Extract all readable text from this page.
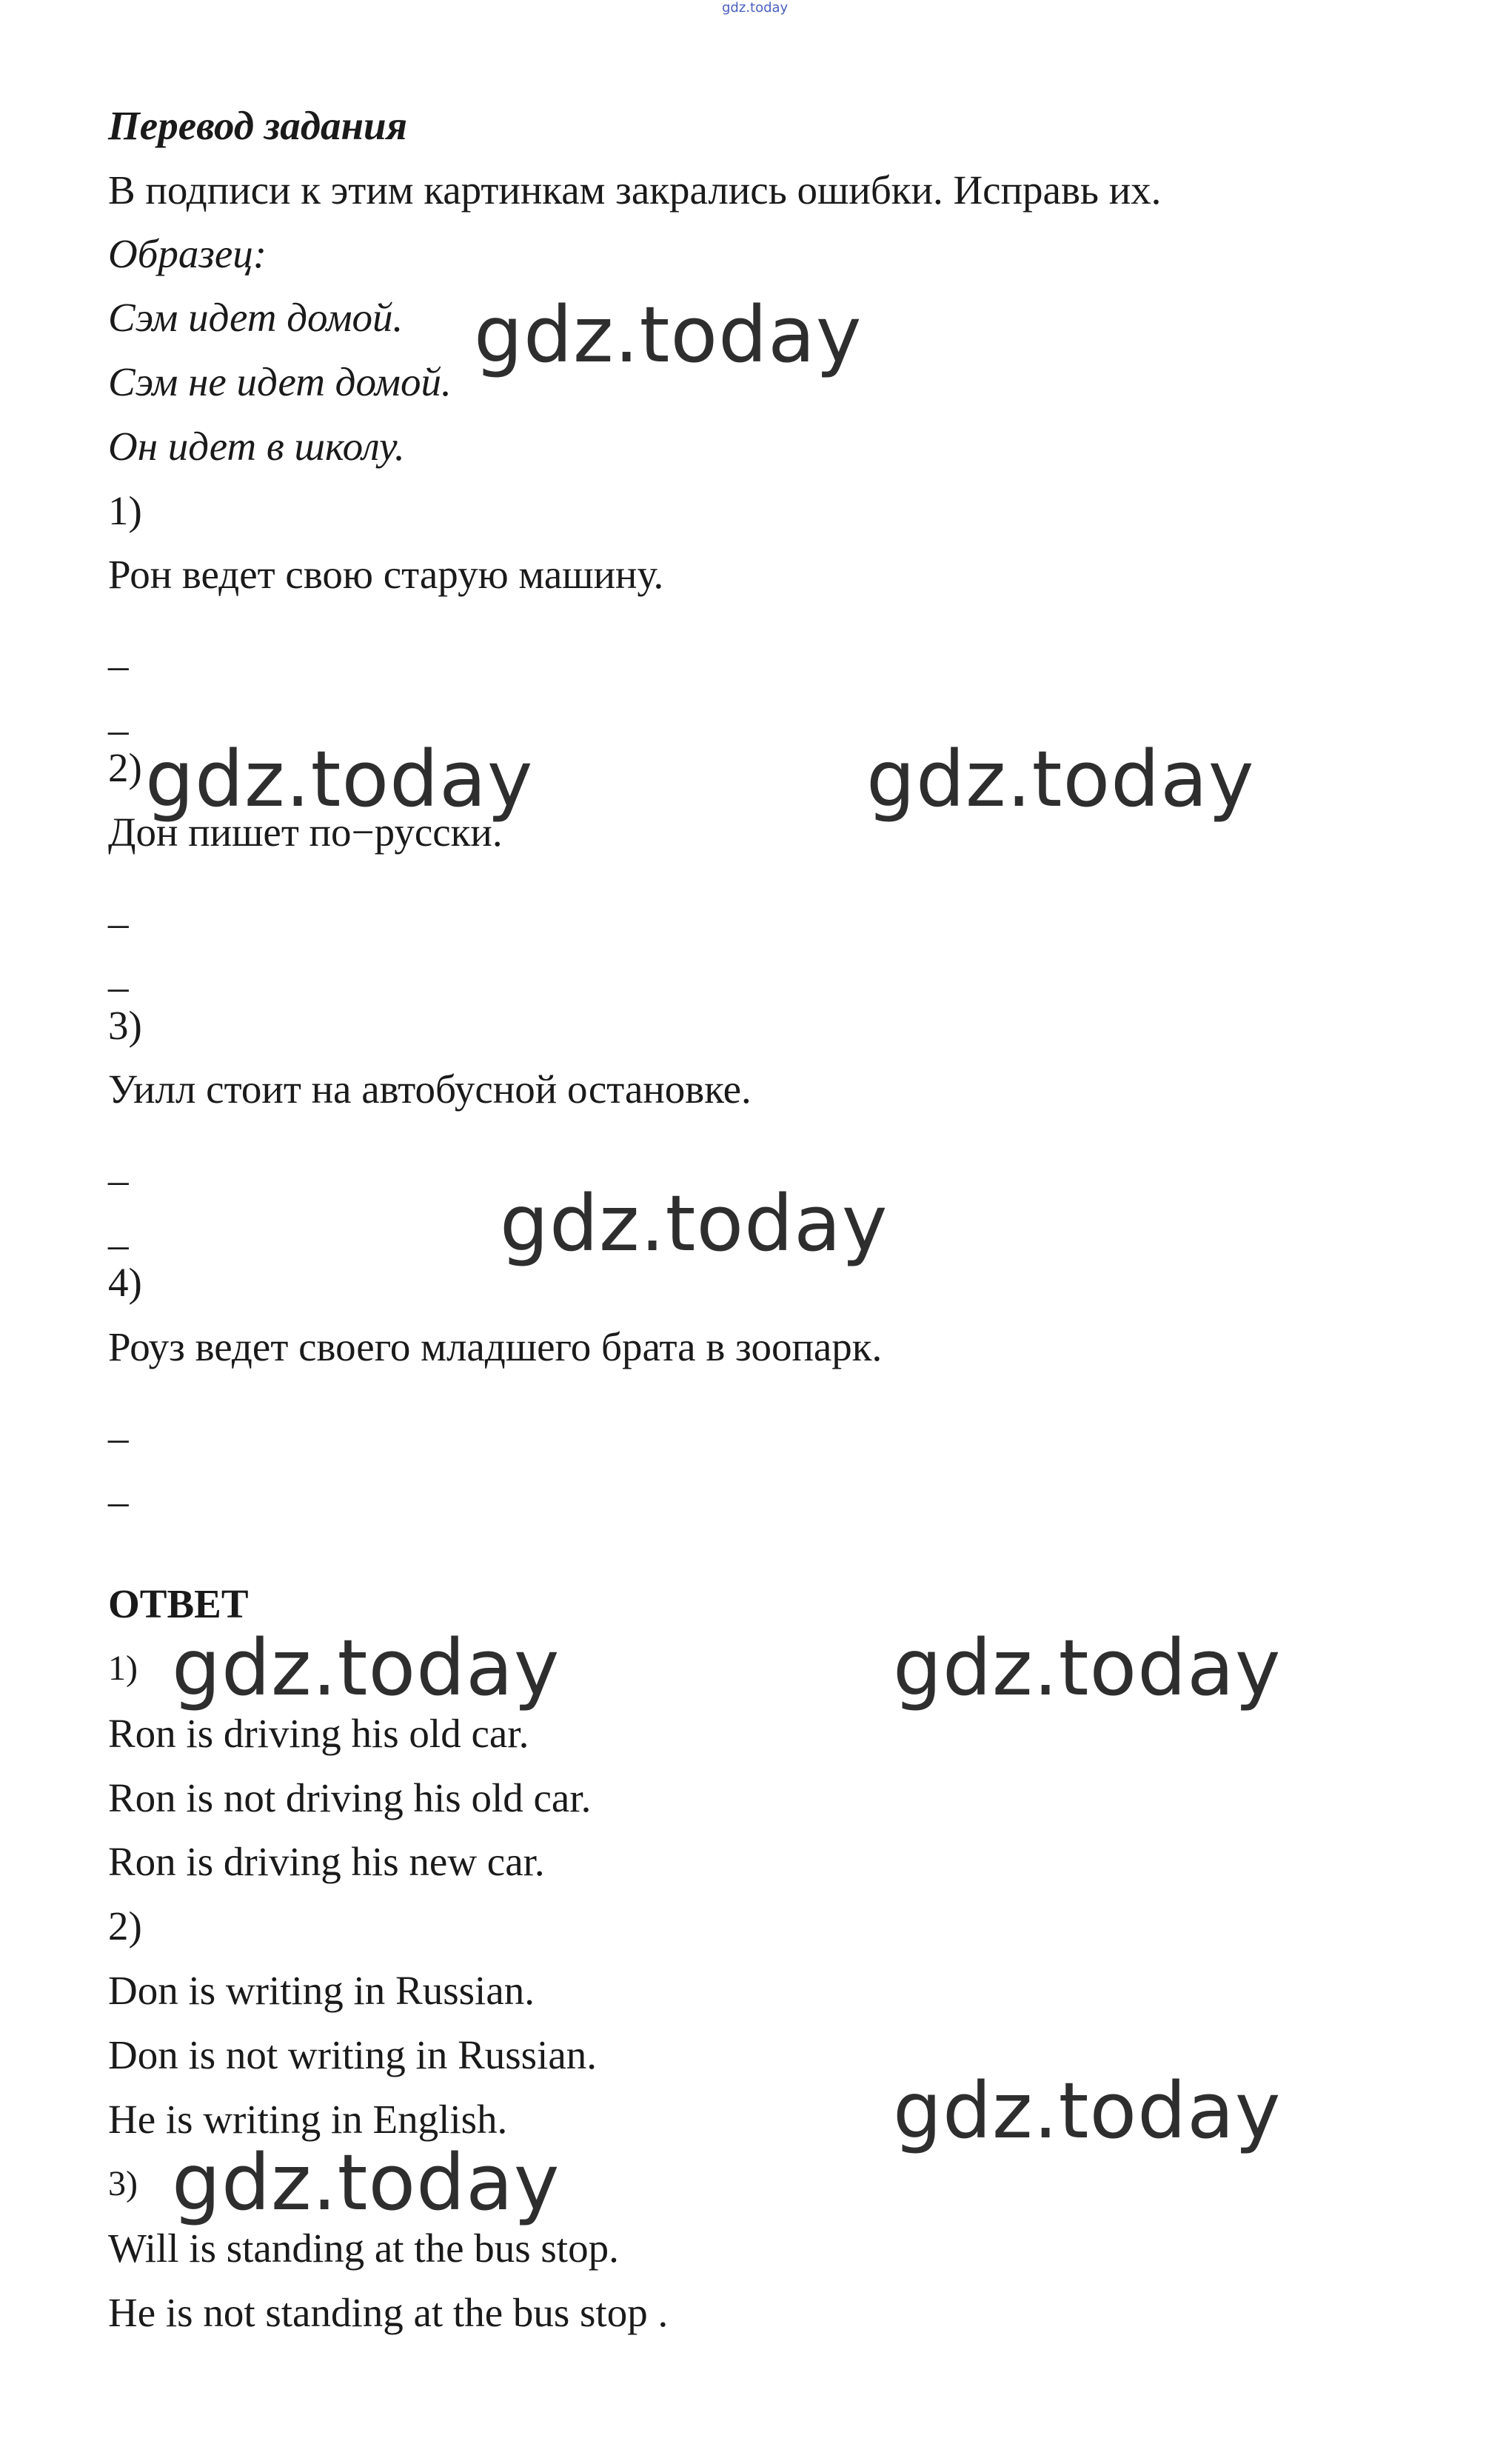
gdz.today
Перевод задания
В подписи к этим картинкам закрались ошибки. Исправь их.
Образец:
Сэм идет домой.
Сэм не идет домой.
Он идет в школу.
1)
Рон ведет свою старую машину.
_
_
2)
Дон пишет по−русски.
_
_
3)
Уилл стоит на автобусной остановке.
_
_
4)
Роуз ведет своего младшего брата в зоопарк.
_
_
ОТВЕТ
1)
Ron is driving his old car.
Ron is not driving his old car.
Ron is driving his new car.
2)
Don is writing in Russian.
Don is not writing in Russian.
He is writing in English.
3)
Will is standing at the bus stop.
He is not standing at the bus stop .
gdz.today
gdz.today	gdz.today
gdz.today
gdz.today	gdz.today
gdz.today
gdz.today
